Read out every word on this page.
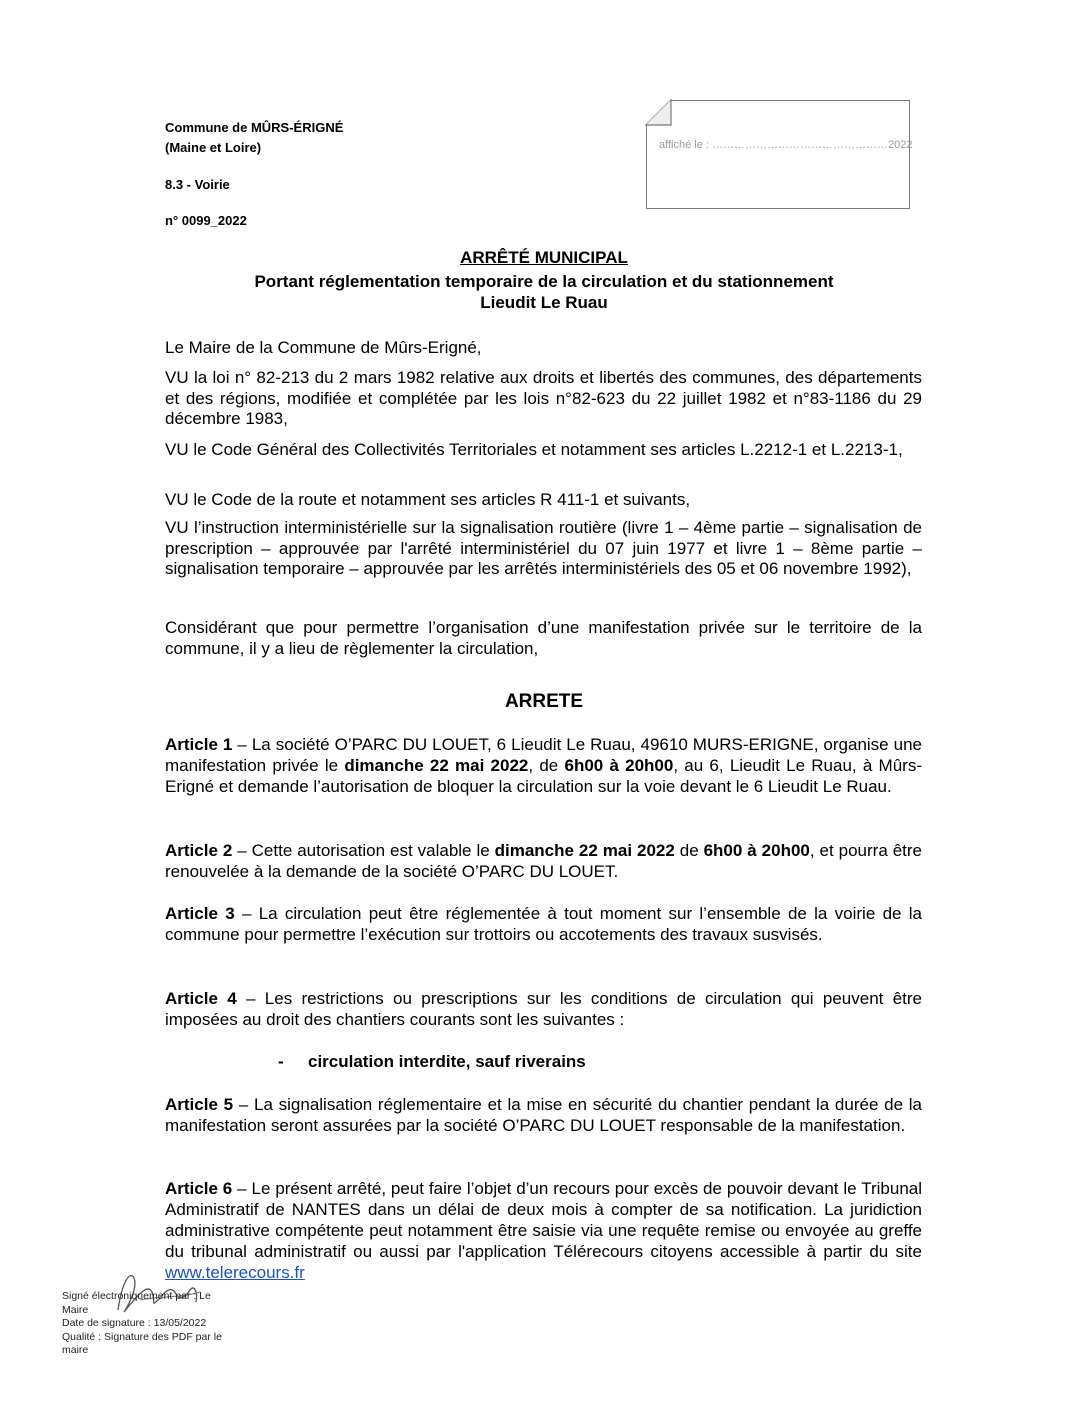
Commune de MÛRS-ÉRIGNÉ
(Maine et Loire)
8.3 - Voirie
n° 0099_2022
affiché le : …………………………………………2022
ARRÊTÉ MUNICIPAL
Portant réglementation temporaire de la circulation et du stationnement
Lieudit Le Ruau

Le Maire de la Commune de Mûrs-Erigné,

VU la loi n° 82-213 du 2 mars 1982 relative aux droits et libertés des communes, des départements et des régions, modifiée et complétée par les lois n°82-623 du 22 juillet 1982 et n°83-1186 du 29 décembre 1983,

VU le Code Général des Collectivités Territoriales et notamment ses articles L.2212-1 et L.2213-1,

VU le Code de la route et notamment ses articles R 411-1 et suivants,

VU l’instruction interministérielle sur la signalisation routière (livre 1 – 4ème partie – signalisation de prescription – approuvée par l'arrêté interministériel du 07 juin 1977 et livre 1 – 8ème partie – signalisation temporaire – approuvée par les arrêtés interministériels des 05 et 06 novembre 1992),

Considérant que pour permettre l’organisation d’une manifestation privée sur le territoire de la commune, il y a lieu de règlementer la circulation,

ARRETE
Article 1 – La société O’PARC DU LOUET, 6 Lieudit Le Ruau, 49610 MURS-ERIGNE, organise une manifestation privée le dimanche 22 mai 2022, de 6h00 à 20h00, au 6, Lieudit Le Ruau, à Mûrs-Erigné et demande l’autorisation de bloquer la circulation sur la voie devant le 6 Lieudit Le Ruau.
Article 2 – Cette autorisation est valable le dimanche 22 mai 2022 de 6h00 à 20h00, et pourra être renouvelée à la demande de la société O’PARC DU LOUET.
Article 3 – La circulation peut être réglementée à tout moment sur l’ensemble de la voirie de la commune pour permettre l’exécution sur trottoirs ou accotements des travaux susvisés.
Article 4 – Les restrictions ou prescriptions sur les conditions de circulation qui peuvent être imposées au droit des chantiers courants sont les suivantes :
- circulation interdite, sauf riverains
Article 5 – La signalisation réglementaire et la mise en sécurité du chantier pendant la durée de la manifestation seront assurées par la société O’PARC DU LOUET responsable de la manifestation.
Article 6 – Le présent arrêté, peut faire l’objet d’un recours pour excès de pouvoir devant le Tribunal Administratif de NANTES dans un délai de deux mois à compter de sa notification. La juridiction administrative compétente peut notamment être saisie via une requête remise ou envoyée au greffe du tribunal administratif ou aussi par l'application Télérecours citoyens accessible à partir du site www.telerecours.fr
Signé électroniquement par : Le
Maire
Date de signature : 13/05/2022
Qualité : Signature des PDF par le
maire
